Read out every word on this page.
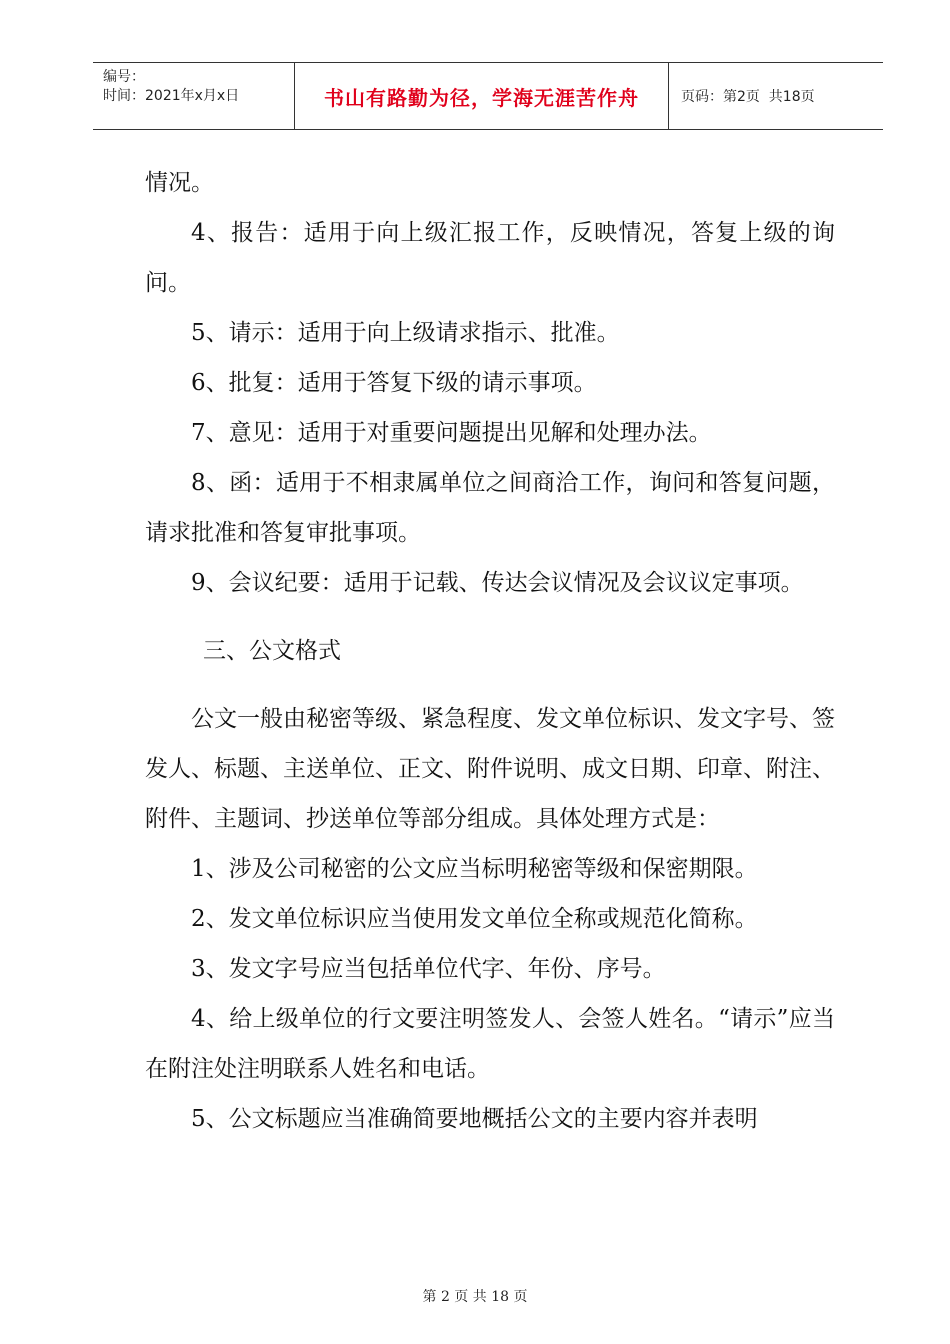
编号：
时间：2021年x月x日	书山有路勤为径，学海无涯苦作舟	页码：第2页  共18页

情况。

4、报告：适用于向上级汇报工作，反映情况，答复上级的询问。

5、请示：适用于向上级请求指示、批准。

6、批复：适用于答复下级的请示事项。

7、意见：适用于对重要问题提出见解和处理办法。

8、函：适用于不相隶属单位之间商洽工作，询问和答复问题，请求批准和答复审批事项。

9、会议纪要：适用于记载、传达会议情况及会议议定事项。

三、公文格式

公文一般由秘密等级、紧急程度、发文单位标识、发文字号、签发人、标题、主送单位、正文、附件说明、成文日期、印章、附注、附件、主题词、抄送单位等部分组成。具体处理方式是：

1、涉及公司秘密的公文应当标明秘密等级和保密期限。

2、发文单位标识应当使用发文单位全称或规范化简称。

3、发文字号应当包括单位代字、年份、序号。

4、给上级单位的行文要注明签发人、会签人姓名。“请示”应当在附注处注明联系人姓名和电话。

5、公文标题应当准确简要地概括公文的主要内容并表明

第 2 页 共 18 页
